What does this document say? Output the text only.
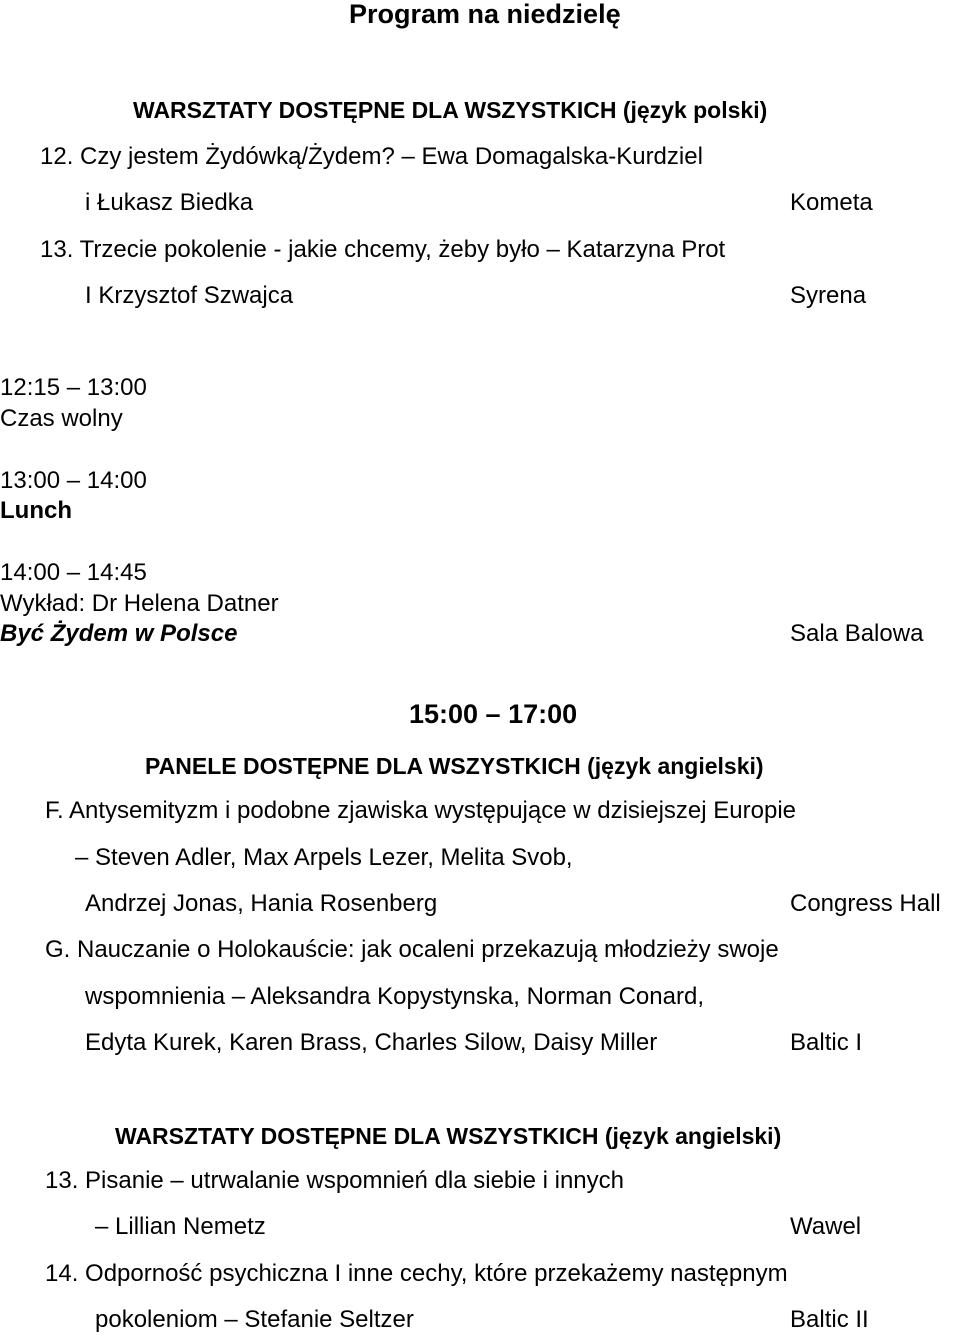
Program na niedzielę
WARSZTATY DOSTĘPNE DLA WSZYSTKICH (język polski)
12. Czy jestem Żydówką/Żydem? – Ewa Domagalska-Kurdziel
i Łukasz Biedka	Kometa
13. Trzecie pokolenie - jakie chcemy, żeby było – Katarzyna Prot
I Krzysztof Szwajca	Syrena
12:15 – 13:00
Czas wolny
13:00 – 14:00
Lunch
14:00 – 14:45
Wykład: Dr Helena Datner
Być Żydem w Polsce	Sala Balowa
15:00 – 17:00
PANELE DOSTĘPNE DLA WSZYSTKICH (język angielski)
F. Antysemityzm i podobne zjawiska występujące w dzisiejszej Europie
– Steven Adler, Max Arpels Lezer, Melita Svob,
Andrzej Jonas, Hania Rosenberg	Congress Hall
G. Nauczanie o Holokauście: jak ocaleni przekazują młodzieży swoje
wspomnienia – Aleksandra Kopystynska, Norman Conard,
Edyta Kurek, Karen Brass, Charles Silow, Daisy Miller	Baltic I
WARSZTATY DOSTĘPNE DLA WSZYSTKICH (język angielski)
13. Pisanie – utrwalanie wspomnień dla siebie i innych
– Lillian Nemetz	Wawel
14. Odporność psychiczna I inne cechy, które przekażemy następnym
pokoleniom – Stefanie Seltzer	Baltic II
